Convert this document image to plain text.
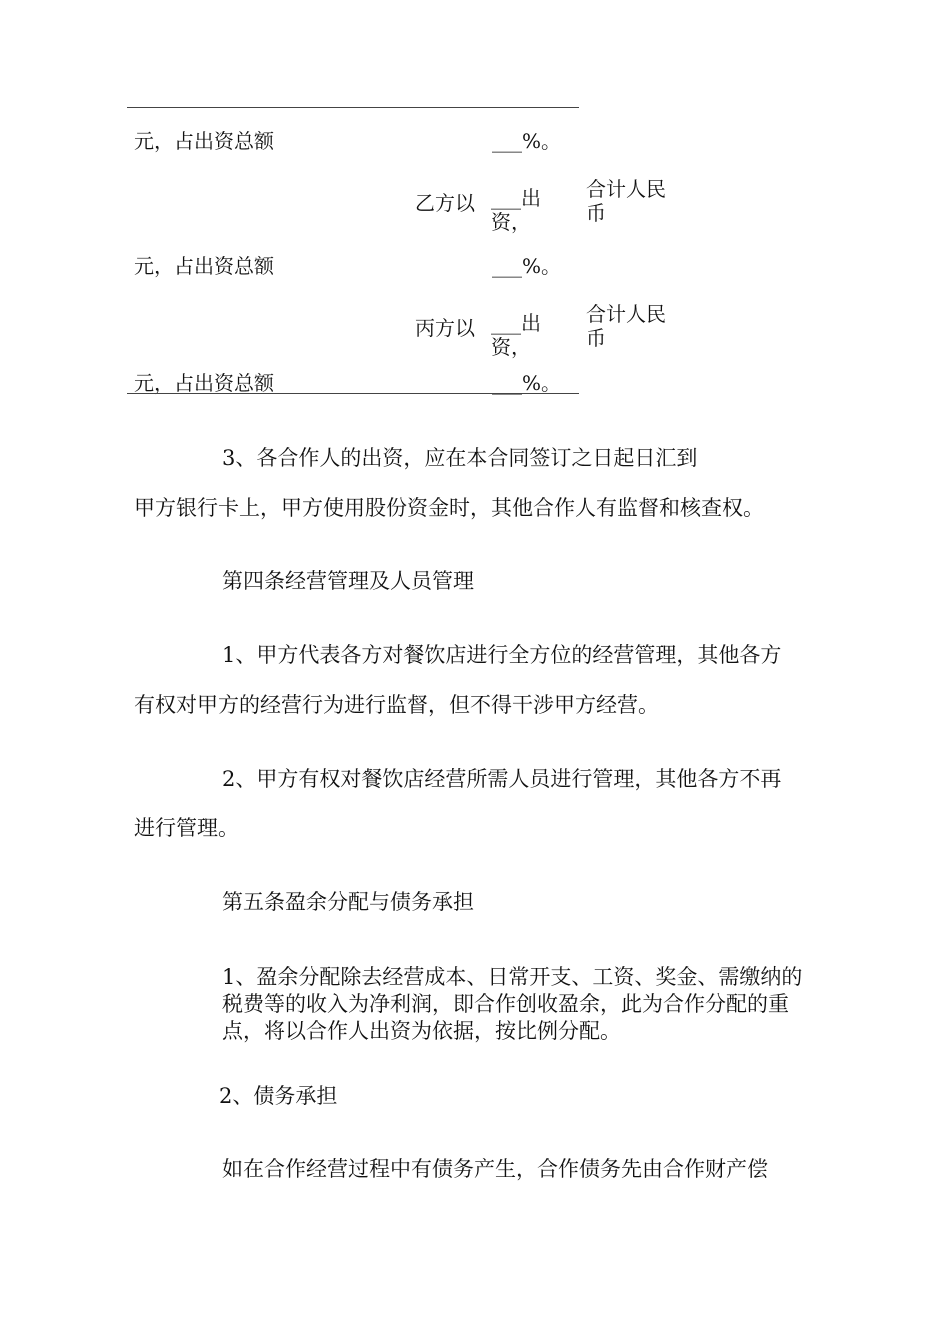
元，占出资总额	___%。
乙方以 ___出资，
合计人民币
元，占出资总额	___%。
丙方以 ___出资，
合计人民币
元，占出资总额	___%。
3、各合作人的出资，应在本合同签订之日起日汇到
甲方银行卡上，甲方使用股份资金时，其他合作人有监督和核查权。
第四条经营管理及人员管理
1、甲方代表各方对餐饮店进行全方位的经营管理，其他各方
有权对甲方的经营行为进行监督，但不得干涉甲方经营。
2、甲方有权对餐饮店经营所需人员进行管理，其他各方不再
进行管理。
第五条盈余分配与债务承担
1、盈余分配除去经营成本、日常开支、工资、奖金、需缴纳的税费等的收入为净利润，即合作创收盈余，此为合作分配的重点，将以合作人出资为依据，按比例分配。
2、债务承担
如在合作经营过程中有债务产生，合作债务先由合作财产偿
